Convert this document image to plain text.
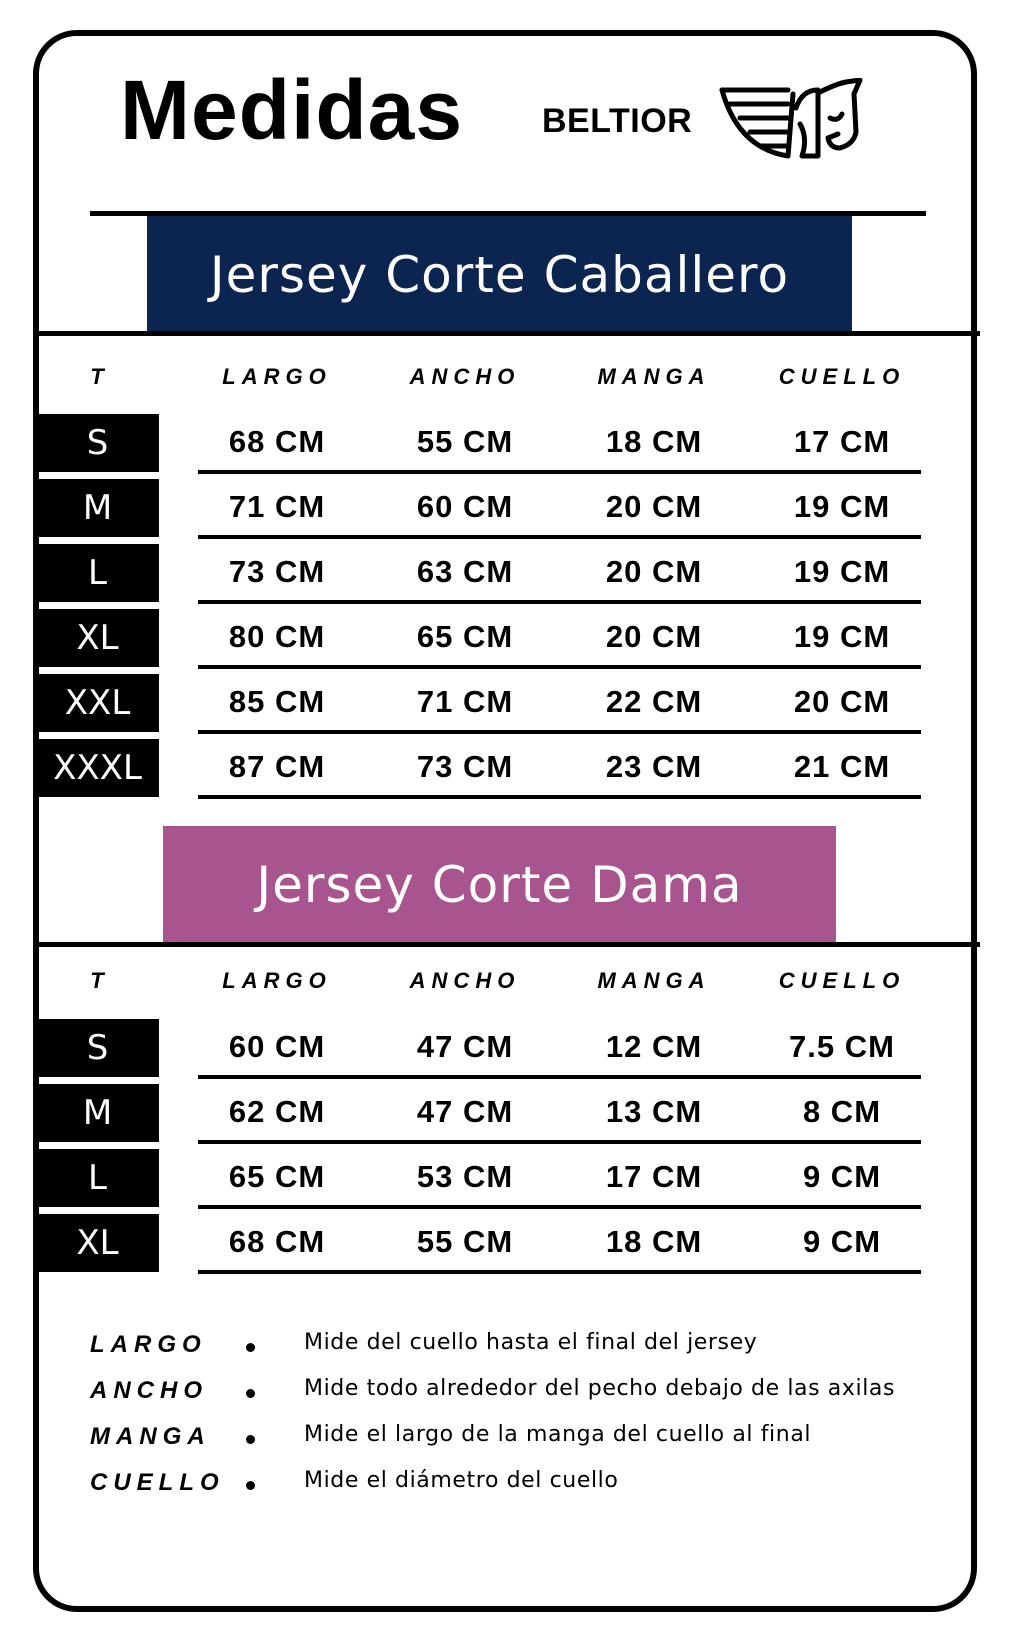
Medidas BELTIOR
Jersey Corte Caballero
T	LARGO	ANCHO	MANGA	CUELLO
S	68 CM	55 CM	18 CM	17 CM
M	71 CM	60 CM	20 CM	19 CM
L	73 CM	63 CM	20 CM	19 CM
XL	80 CM	65 CM	20 CM	19 CM
XXL	85 CM	71 CM	22 CM	20 CM
XXXL	87 CM	73 CM	23 CM	21 CM
Jersey Corte Dama
T	LARGO	ANCHO	MANGA	CUELLO
S	60 CM	47 CM	12 CM	7.5 CM
M	62 CM	47 CM	13 CM	8 CM
L	65 CM	53 CM	17 CM	9 CM
XL	68 CM	55 CM	18 CM	9 CM
LARGO	Mide del cuello hasta el final del jersey
ANCHO	Mide todo alrededor del pecho debajo de las axilas
MANGA	Mide el largo de la manga del cuello al final
CUELLO	Mide el diámetro del cuello
